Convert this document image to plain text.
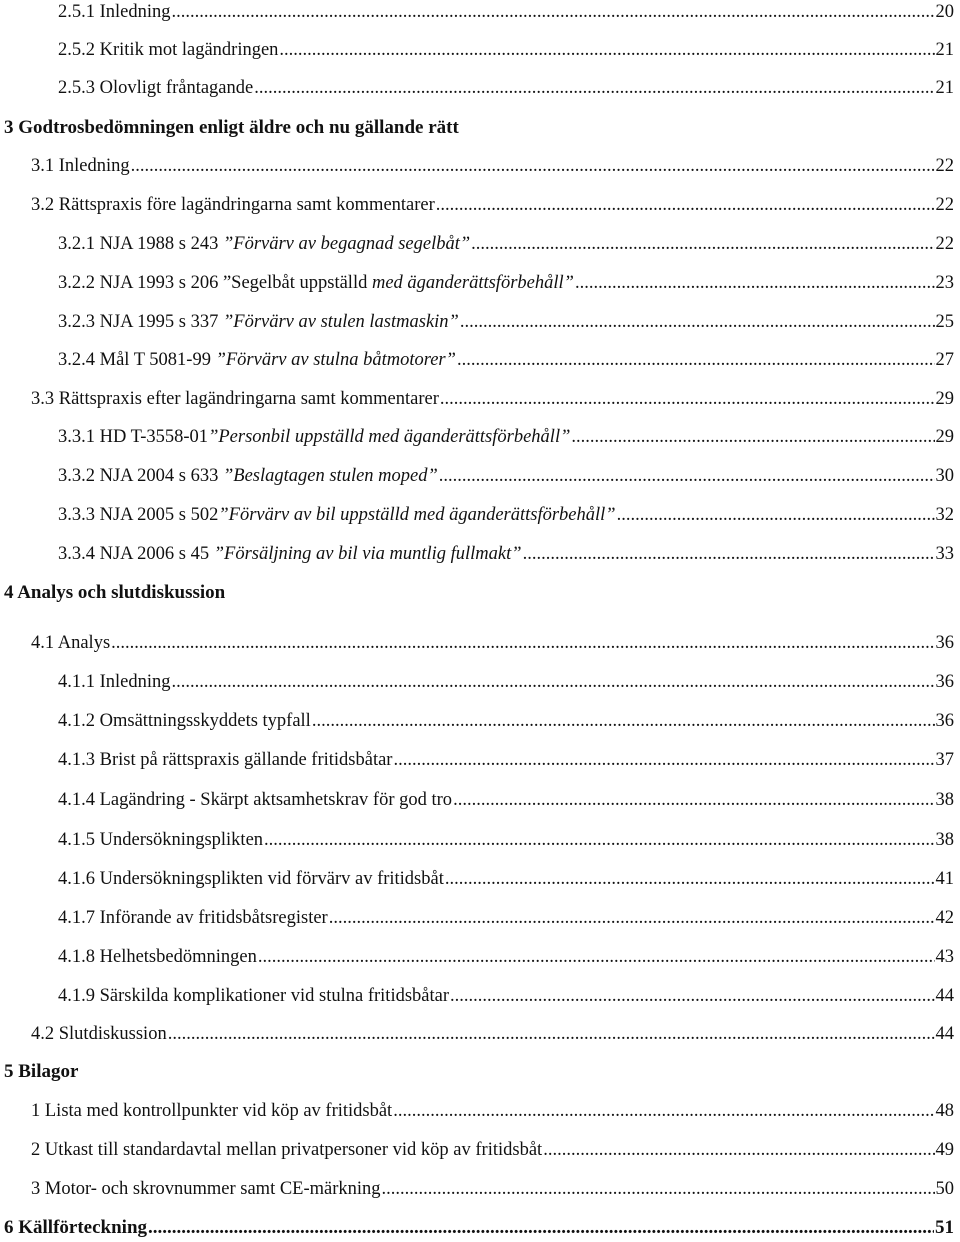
2.5.1 Inledning .....	20
2.5.2 Kritik mot lagändringen .....	21
2.5.3 Olovligt fråntagande .....	21
3 Godtrosbedömningen enligt äldre och nu gällande rätt
3.1 Inledning .....	22
3.2 Rättspraxis före lagändringarna samt kommentarer .....	22
3.2.1 NJA 1988 s 243 ”Förvärv av begagnad segelbåt” .....	22
3.2.2 NJA 1993 s 206 ”Segelbåt uppställd med äganderättsförbehåll” .....	23
3.2.3 NJA 1995 s 337 ”Förvärv av stulen lastmaskin” .....	25
3.2.4 Mål T 5081-99 ”Förvärv av stulna båtmotorer” .....	27
3.3 Rättspraxis efter lagändringarna samt kommentarer .....	29
3.3.1 HD T-3558-01”Personbil uppställd med äganderättsförbehåll” .....	29
3.3.2 NJA 2004 s 633 ”Beslagtagen stulen moped” .....	30
3.3.3 NJA 2005 s 502”Förvärv av bil uppställd med äganderättsförbehåll” .....	32
3.3.4 NJA 2006 s 45 ”Försäljning av bil via muntlig fullmakt” .....	33
4 Analys och slutdiskussion
4.1 Analys .....	36
4.1.1 Inledning .....	36
4.1.2 Omsättningsskyddets typfall .....	36
4.1.3 Brist på rättspraxis gällande fritidsbåtar .....	37
4.1.4 Lagändring - Skärpt aktsamhetskrav för god tro .....	38
4.1.5 Undersökningsplikten .....	38
4.1.6 Undersökningsplikten vid förvärv av fritidsbåt .....	41
4.1.7 Införande av fritidsbåtsregister .....	42
4.1.8 Helhetsbedömningen .....	43
4.1.9 Särskilda komplikationer vid stulna fritidsbåtar .....	44
4.2 Slutdiskussion .....	44
5 Bilagor
1 Lista med kontrollpunkter vid köp av fritidsbåt .....	48
2 Utkast till standardavtal mellan privatpersoner vid köp av fritidsbåt .....	49
3 Motor- och skrovnummer samt CE-märkning .....	50
6 Källförteckning .....	51
